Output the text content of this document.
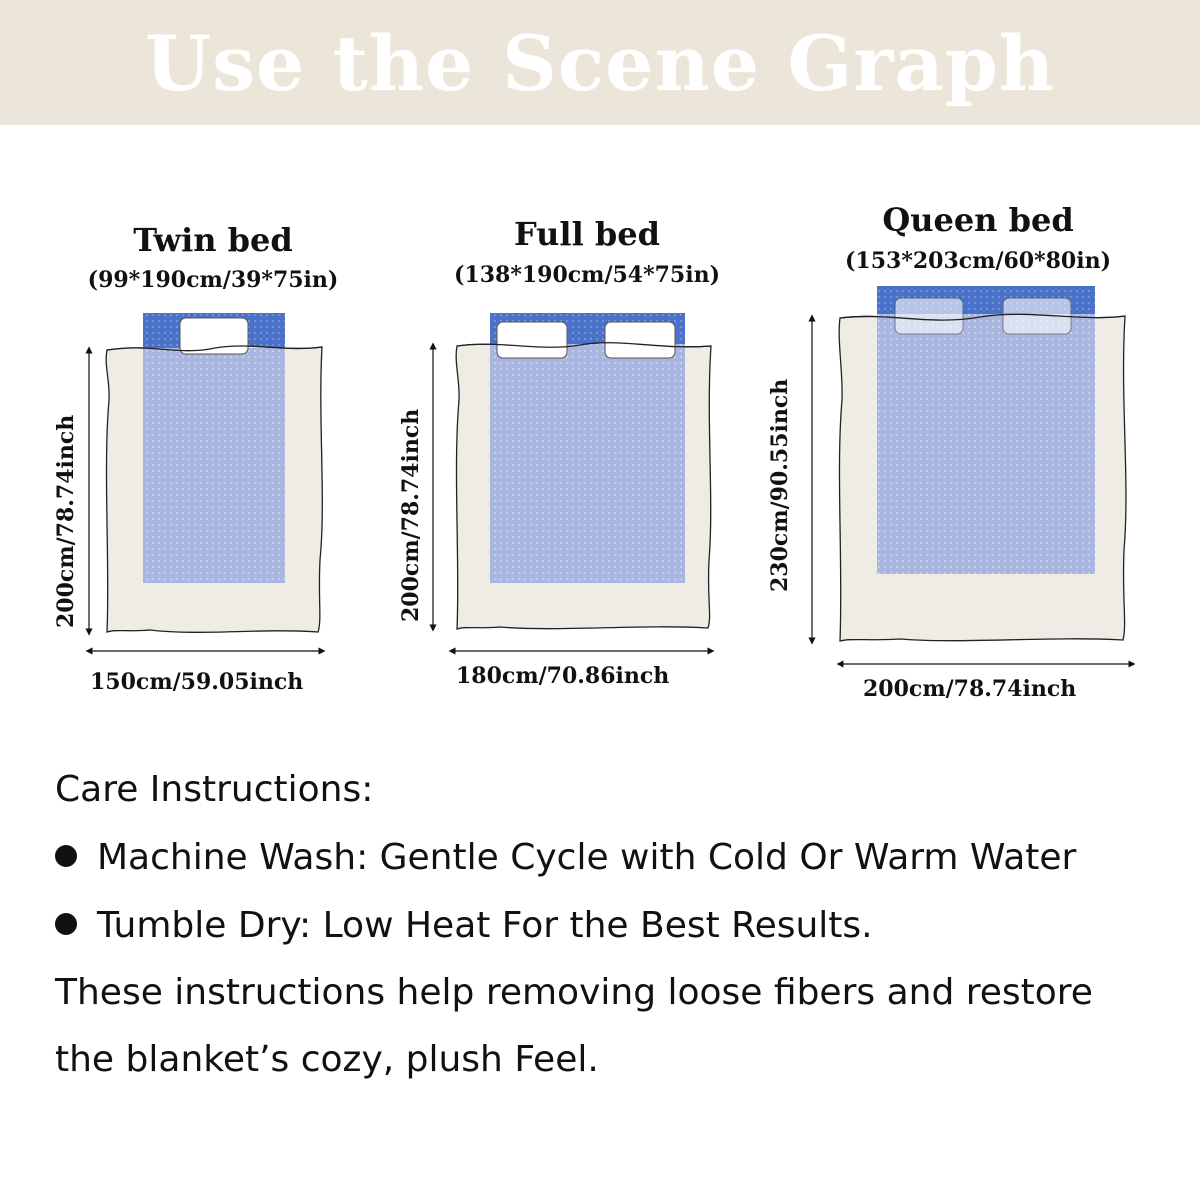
Use the Scene Graph
Twin bed
(99*190cm/39*75in)
Full bed
(138*190cm/54*75in)
Queen bed
(153*203cm/60*80in)
200cm/78.74inch
150cm/59.05inch
200cm/78.74inch
180cm/70.86inch
230cm/90.55inch
200cm/78.74inch
Care Instructions:
Machine Wash: Gentle Cycle with Cold Or Warm Water
Tumble Dry: Low Heat For the Best Results.
These instructions help removing loose fibers and restore
the blanket’s cozy, plush Feel.
